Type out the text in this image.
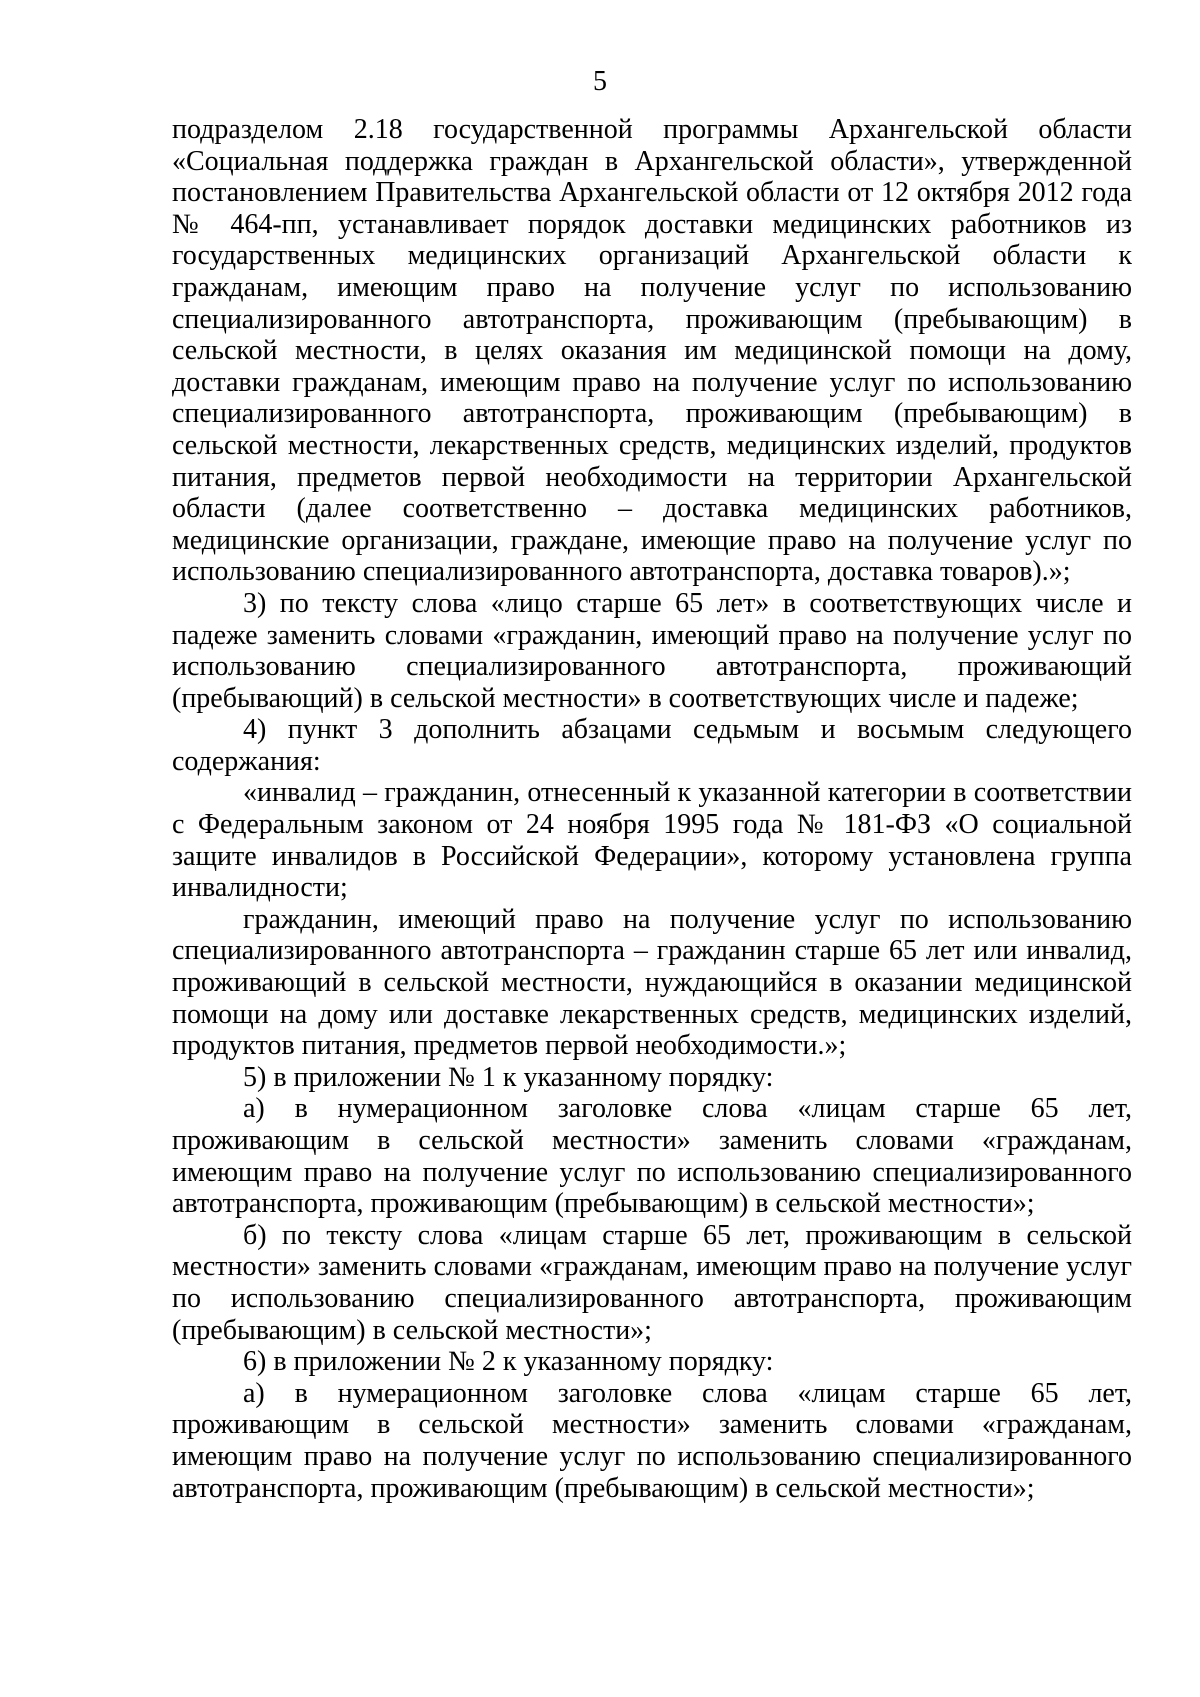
5

подразделом 2.18 государственной программы Архангельской области «Социальная поддержка граждан в Архангельской области», утвержденной постановлением Правительства Архангельской области от 12 октября 2012 года № 464-пп, устанавливает порядок доставки медицинских работников из государственных медицинских организаций Архангельской области к гражданам, имеющим право на получение услуг по использованию специализированного автотранспорта, проживающим (пребывающим) в сельской местности, в целях оказания им медицинской помощи на дому, доставки гражданам, имеющим право на получение услуг по использованию специализированного автотранспорта, проживающим (пребывающим) в сельской местности, лекарственных средств, медицинских изделий, продуктов питания, предметов первой необходимости на территории Архангельской области (далее соответственно – доставка медицинских работников, медицинские организации, граждане, имеющие право на получение услуг по использованию специализированного автотранспорта, доставка товаров).»;

3) по тексту слова «лицо старше 65 лет» в соответствующих числе и падеже заменить словами «гражданин, имеющий право на получение услуг по использованию специализированного автотранспорта, проживающий (пребывающий) в сельской местности» в соответствующих числе и падеже;

4) пункт 3 дополнить абзацами седьмым и восьмым следующего содержания:

«инвалид – гражданин, отнесенный к указанной категории в соответствии с Федеральным законом от 24 ноября 1995 года № 181-ФЗ «О социальной защите инвалидов в Российской Федерации», которому установлена группа инвалидности;

гражданин, имеющий право на получение услуг по использованию специализированного автотранспорта – гражданин старше 65 лет или инвалид, проживающий в сельской местности, нуждающийся в оказании медицинской помощи на дому или доставке лекарственных средств, медицинских изделий, продуктов питания, предметов первой необходимости.»;

5) в приложении № 1 к указанному порядку:

а) в нумерационном заголовке слова «лицам старше 65 лет, проживающим в сельской местности» заменить словами «гражданам, имеющим право на получение услуг по использованию специализированного автотранспорта, проживающим (пребывающим) в сельской местности»;

б) по тексту слова «лицам старше 65 лет, проживающим в сельской местности» заменить словами «гражданам, имеющим право на получение услуг по использованию специализированного автотранспорта, проживающим (пребывающим) в сельской местности»;

6) в приложении № 2 к указанному порядку:

а) в нумерационном заголовке слова «лицам старше 65 лет, проживающим в сельской местности» заменить словами «гражданам, имеющим право на получение услуг по использованию специализированного автотранспорта, проживающим (пребывающим) в сельской местности»;
